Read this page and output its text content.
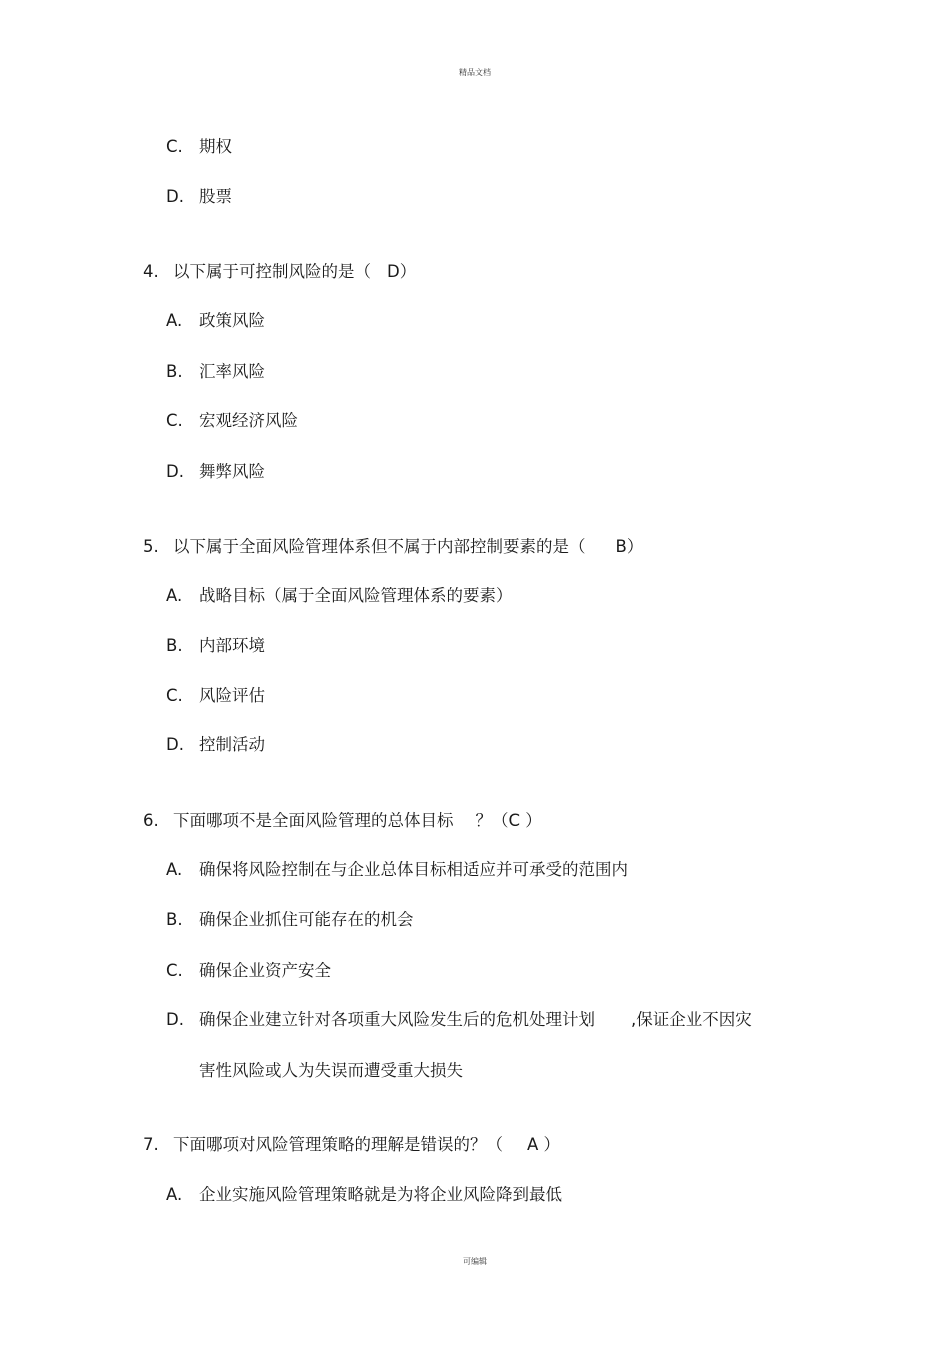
精品文档
C. 期权
D. 股票
4. 以下属于可控制风险的是（ D）
A. 政策风险
B. 汇率风险
C. 宏观经济风险
D. 舞弊风险
5. 以下属于全面风险管理体系但不属于内部控制要素的是（ B）
A. 战略目标（属于全面风险管理体系的要素）
B. 内部环境
C. 风险评估
D. 控制活动
6. 下面哪项不是全面风险管理的总体目标 ？（C ）
A. 确保将风险控制在与企业总体目标相适应并可承受的范围内
B. 确保企业抓住可能存在的机会
C. 确保企业资产安全
D. 确保企业建立针对各项重大风险发生后的危机处理计划 ,保证企业不因灾
害性风险或人为失误而遭受重大损失
7. 下面哪项对风险管理策略的理解是错误的？（ A ）
A. 企业实施风险管理策略就是为将企业风险降到最低
可编辑
